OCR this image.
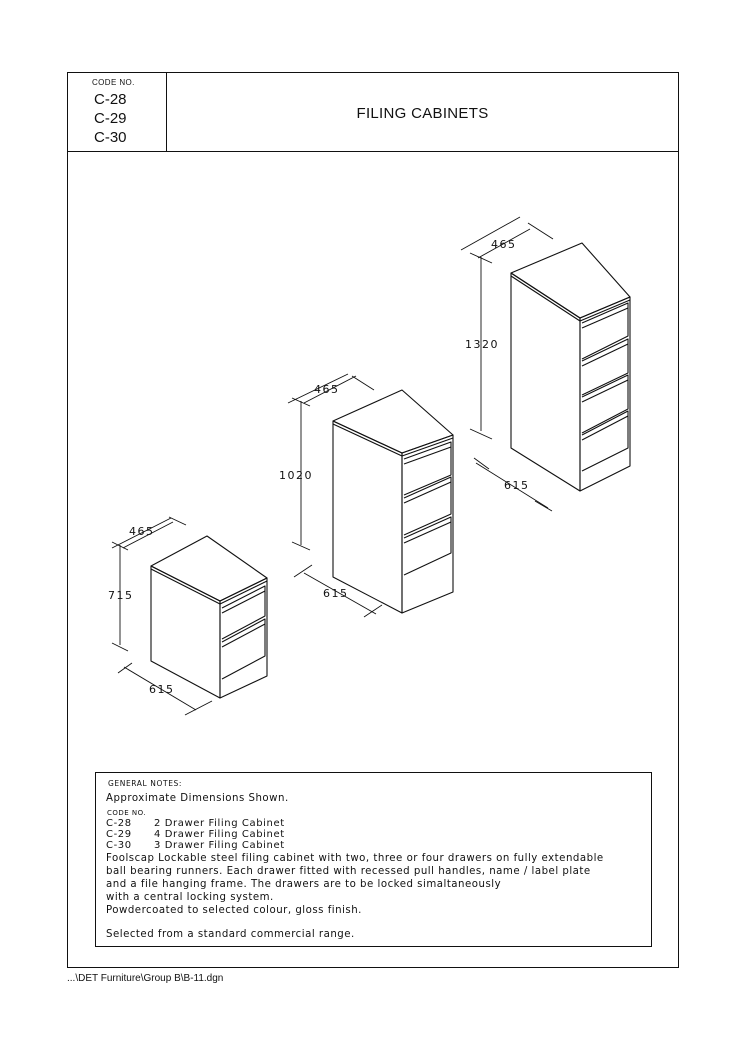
CODE NO.
C-28
C-29
C-30
FILING CABINETS
465
1320
615
465
1020
615
465
715
615
GENERAL NOTES:
Approximate Dimensions Shown.
CODE NO.
C-28 2 Drawer Filing Cabinet
C-29 4 Drawer Filing Cabinet
C-30 3 Drawer Filing Cabinet
Foolscap Lockable steel filing cabinet with two, three or four drawers on fully extendable
ball bearing runners. Each drawer fitted with recessed pull handles, name / label plate
and a file hanging frame. The drawers are to be locked simaltaneously
with a central locking system.
Powdercoated to selected colour, gloss finish.
Selected from a standard commercial range.
...\DET Furniture\Group B\B-11.dgn
